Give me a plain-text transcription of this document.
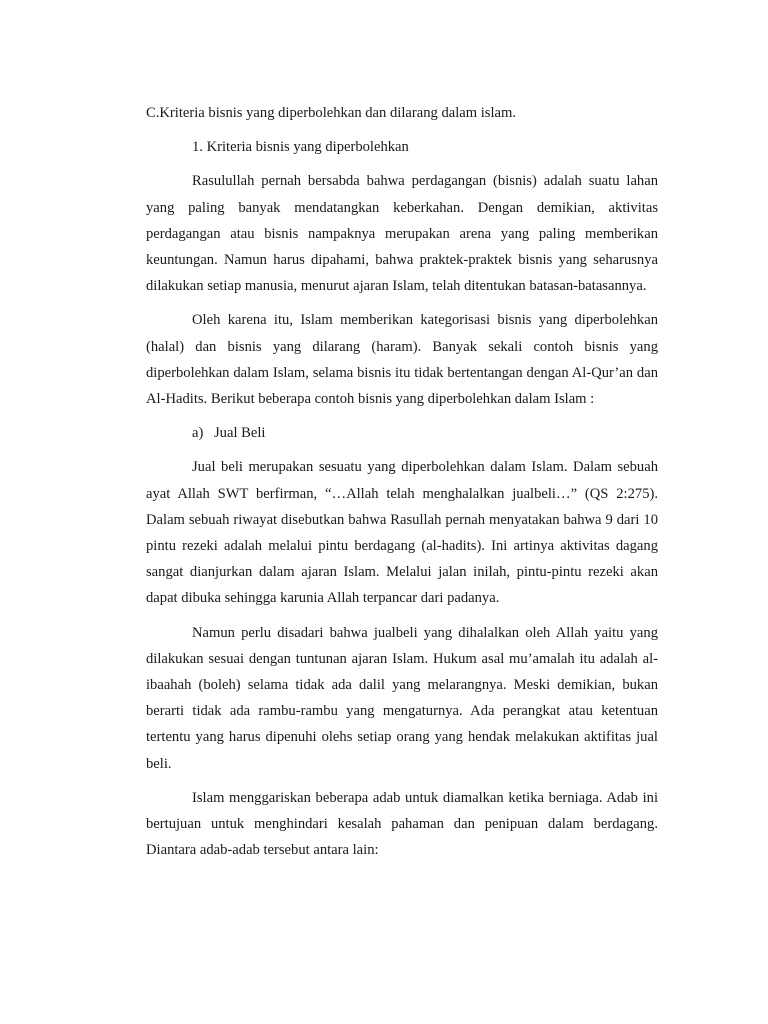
C.Kriteria bisnis yang diperbolehkan dan dilarang dalam islam.

1. Kriteria bisnis yang diperbolehkan

Rasulullah pernah bersabda bahwa perdagangan (bisnis) adalah suatu lahan yang paling banyak mendatangkan keberkahan. Dengan demikian, aktivitas perdagangan atau bisnis nampaknya merupakan arena yang paling memberikan keuntungan. Namun harus dipahami, bahwa praktek-praktek bisnis yang seharusnya dilakukan setiap manusia, menurut ajaran Islam, telah ditentukan batasan-batasannya.

Oleh karena itu, Islam memberikan kategorisasi bisnis yang diperbolehkan (halal) dan bisnis yang dilarang (haram). Banyak sekali contoh bisnis yang diperbolehkan dalam Islam, selama bisnis itu tidak bertentangan dengan Al-Qur’an dan Al-Hadits. Berikut beberapa contoh bisnis yang diperbolehkan dalam Islam :

a) Jual Beli

Jual beli merupakan sesuatu yang diperbolehkan dalam Islam. Dalam sebuah ayat Allah SWT berfirman, “…Allah telah menghalalkan jualbeli…” (QS 2:275). Dalam sebuah riwayat disebutkan bahwa Rasullah pernah menyatakan bahwa 9 dari 10 pintu rezeki adalah melalui pintu berdagang (al-hadits). Ini artinya aktivitas dagang sangat dianjurkan dalam ajaran Islam. Melalui jalan inilah, pintu-pintu rezeki akan dapat dibuka sehingga karunia Allah terpancar dari padanya.

Namun perlu disadari bahwa jualbeli yang dihalalkan oleh Allah yaitu yang dilakukan sesuai dengan tuntunan ajaran Islam. Hukum asal mu’amalah itu adalah al-ibaahah (boleh) selama tidak ada dalil yang melarangnya. Meski demikian, bukan berarti tidak ada rambu-rambu yang mengaturnya. Ada perangkat atau ketentuan tertentu yang harus dipenuhi olehs setiap orang yang hendak melakukan aktifitas jual beli.

Islam menggariskan beberapa adab untuk diamalkan ketika berniaga. Adab ini bertujuan untuk menghindari kesalah pahaman dan penipuan dalam berdagang. Diantara adab-adab tersebut antara lain:
